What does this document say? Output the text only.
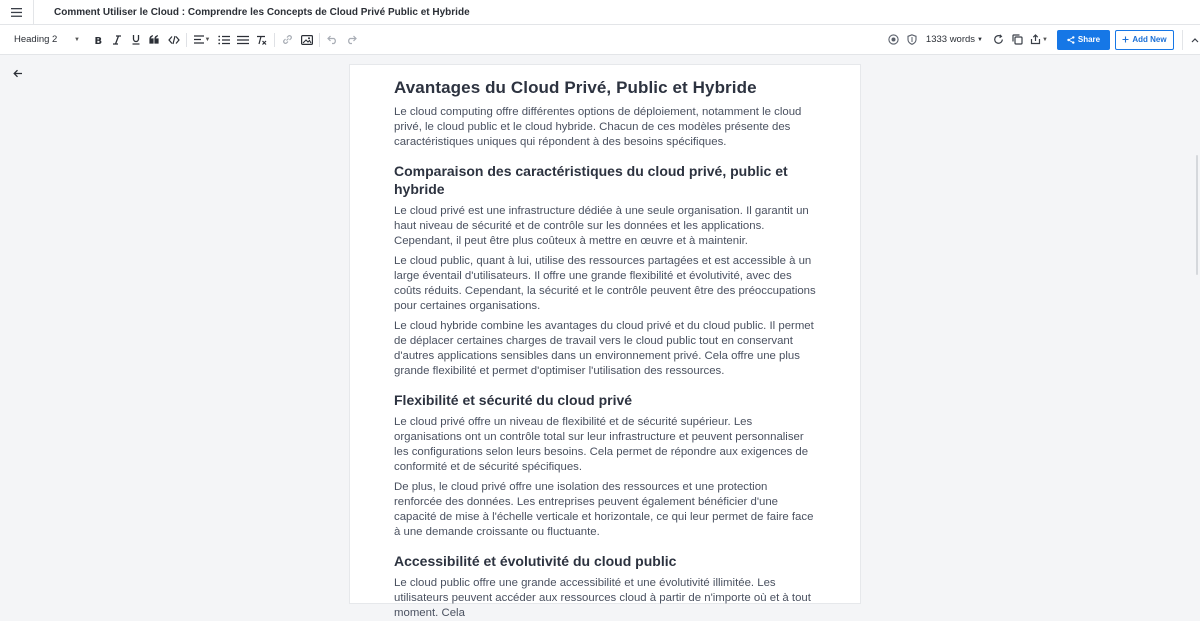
Comment Utiliser le Cloud : Comprendre les Concepts de Cloud Privé Public et Hybride
Heading 2	▼ B	▼	1333 words ▼	▼	Share	Add New
Avantages du Cloud Privé, Public et Hybride

Le cloud computing offre différentes options de déploiement, notamment le cloud privé, le cloud public et le cloud hybride. Chacun de ces modèles présente des caractéristiques uniques qui répondent à des besoins spécifiques.

Comparaison des caractéristiques du cloud privé, public et hybride

Le cloud privé est une infrastructure dédiée à une seule organisation. Il garantit un haut niveau de sécurité et de contrôle sur les données et les applications. Cependant, il peut être plus coûteux à mettre en œuvre et à maintenir.

Le cloud public, quant à lui, utilise des ressources partagées et est accessible à un large éventail d'utilisateurs. Il offre une grande flexibilité et évolutivité, avec des coûts réduits. Cependant, la sécurité et le contrôle peuvent être des préoccupations pour certaines organisations.

Le cloud hybride combine les avantages du cloud privé et du cloud public. Il permet de déplacer certaines charges de travail vers le cloud public tout en conservant d'autres applications sensibles dans un environnement privé. Cela offre une plus grande flexibilité et permet d'optimiser l'utilisation des ressources.

Flexibilité et sécurité du cloud privé

Le cloud privé offre un niveau de flexibilité et de sécurité supérieur. Les organisations ont un contrôle total sur leur infrastructure et peuvent personnaliser les configurations selon leurs besoins. Cela permet de répondre aux exigences de conformité et de sécurité spécifiques.

De plus, le cloud privé offre une isolation des ressources et une protection renforcée des données. Les entreprises peuvent également bénéficier d'une capacité de mise à l'échelle verticale et horizontale, ce qui leur permet de faire face à une demande croissante ou fluctuante.

Accessibilité et évolutivité du cloud public

Le cloud public offre une grande accessibilité et une évolutivité illimitée. Les utilisateurs peuvent accéder aux ressources cloud à partir de n'importe où et à tout moment. Cela
